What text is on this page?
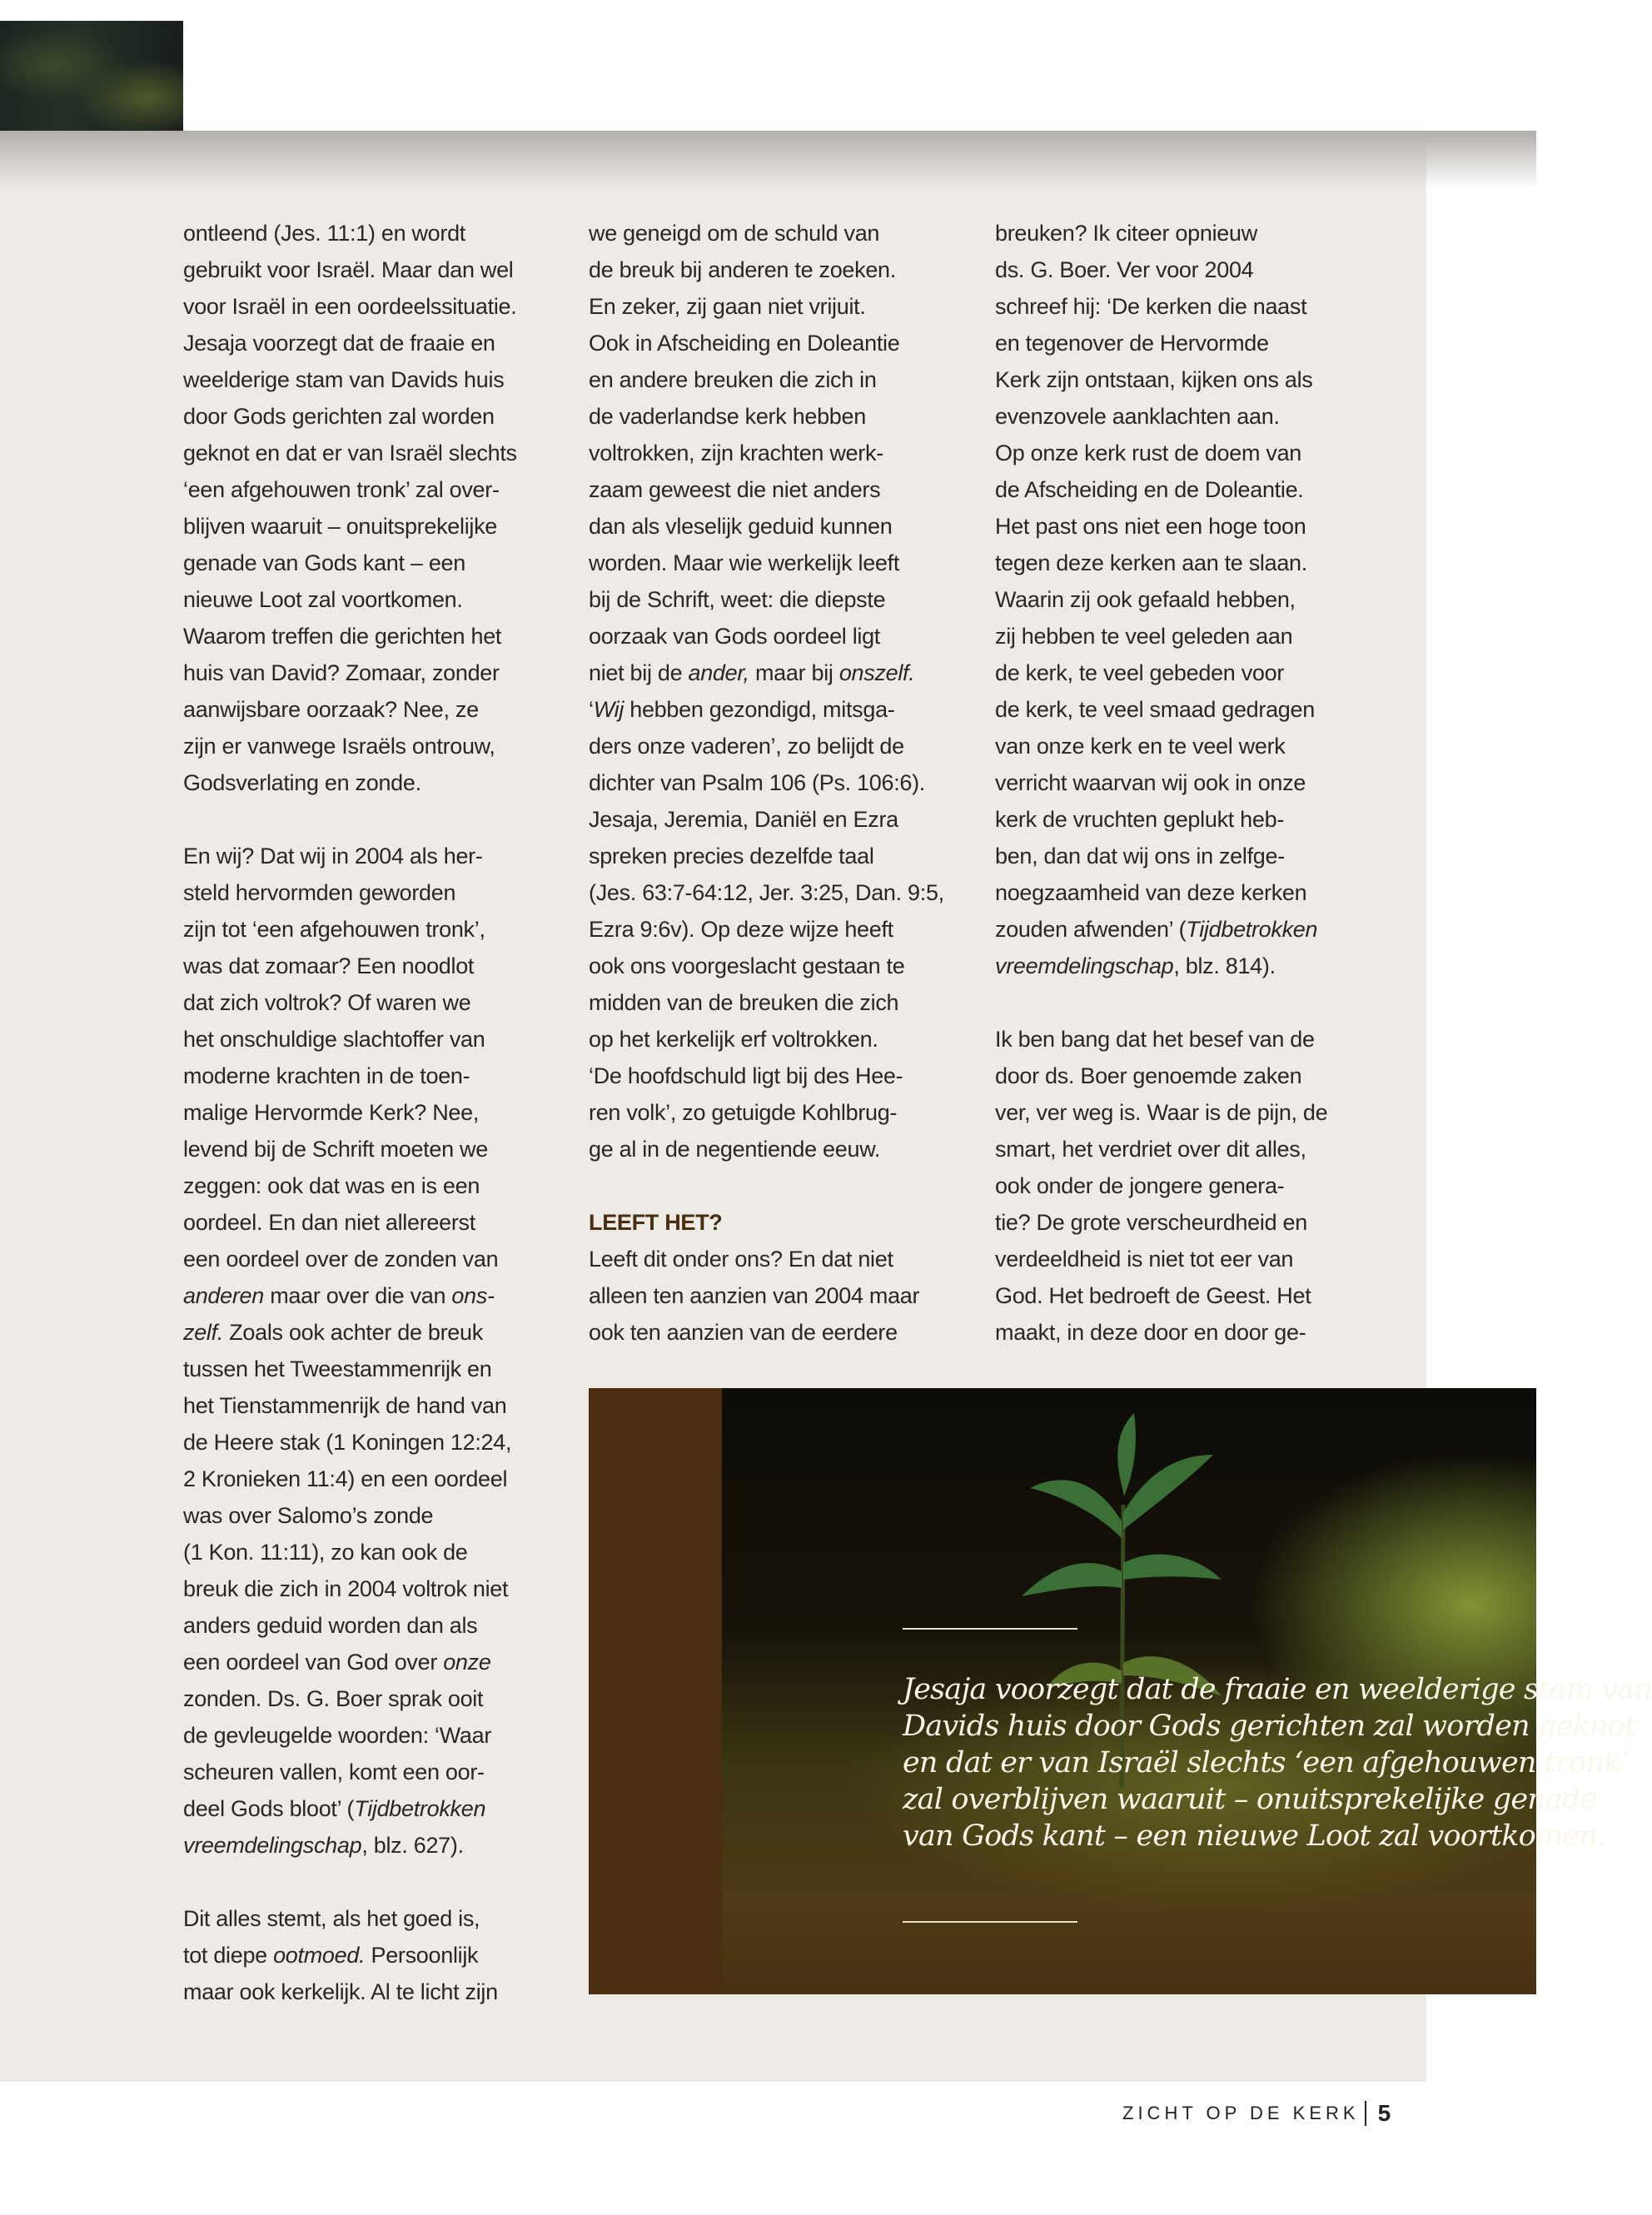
ontleend (Jes. 11:1) en wordt
gebruikt voor Israël. Maar dan wel
voor Israël in een oordeelssituatie.
Jesaja voorzegt dat de fraaie en
weelderige stam van Davids huis
door Gods gerichten zal worden
geknot en dat er van Israël slechts
‘een afgehouwen tronk’ zal over-
blijven waaruit – onuitsprekelijke
genade van Gods kant – een
nieuwe Loot zal voortkomen.
Waarom treffen die gerichten het
huis van David? Zomaar, zonder
aanwijsbare oorzaak? Nee, ze
zijn er vanwege Israëls ontrouw,
Godsverlating en zonde.
En wij? Dat wij in 2004 als her-
steld hervormden geworden
zijn tot ‘een afgehouwen tronk’,
was dat zomaar? Een noodlot
dat zich voltrok? Of waren we
het onschuldige slachtoffer van
moderne krachten in de toen-
malige Hervormde Kerk? Nee,
levend bij de Schrift moeten we
zeggen: ook dat was en is een
oordeel. En dan niet allereerst
een oordeel over de zonden van
anderen maar over die van ons-
zelf. Zoals ook achter de breuk
tussen het Tweestammenrijk en
het Tienstammenrijk de hand van
de Heere stak (1 Koningen 12:24,
2 Kronieken 11:4) en een oordeel
was over Salomo’s zonde
(1 Kon. 11:11), zo kan ook de
breuk die zich in 2004 voltrok niet
anders geduid worden dan als
een oordeel van God over onze
zonden. Ds. G. Boer sprak ooit
de gevleugelde woorden: ‘Waar
scheuren vallen, komt een oor-
deel Gods bloot’ (Tijdbetrokken
vreemdelingschap, blz. 627).
Dit alles stemt, als het goed is,
tot diepe ootmoed. Persoonlijk
maar ook kerkelijk. Al te licht zijn
we geneigd om de schuld van
de breuk bij anderen te zoeken.
En zeker, zij gaan niet vrijuit.
Ook in Afscheiding en Doleantie
en andere breuken die zich in
de vaderlandse kerk hebben
voltrokken, zijn krachten werk-
zaam geweest die niet anders
dan als vleselijk geduid kunnen
worden. Maar wie werkelijk leeft
bij de Schrift, weet: die diepste
oorzaak van Gods oordeel ligt
niet bij de ander, maar bij onszelf.
‘Wij hebben gezondigd, mitsga-
ders onze vaderen’, zo belijdt de
dichter van Psalm 106 (Ps. 106:6).
Jesaja, Jeremia, Daniël en Ezra
spreken precies dezelfde taal
(Jes. 63:7-64:12, Jer. 3:25, Dan. 9:5,
Ezra 9:6v). Op deze wijze heeft
ook ons voorgeslacht gestaan te
midden van de breuken die zich
op het kerkelijk erf voltrokken.
‘De hoofdschuld ligt bij des Hee-
ren volk’, zo getuigde Kohlbrug-
ge al in de negentiende eeuw.
LEEFT HET?
Leeft dit onder ons? En dat niet
alleen ten aanzien van 2004 maar
ook ten aanzien van de eerdere
breuken? Ik citeer opnieuw
ds. G. Boer. Ver voor 2004
schreef hij: ‘De kerken die naast
en tegenover de Hervormde
Kerk zijn ontstaan, kijken ons als
evenzovele aanklachten aan.
Op onze kerk rust de doem van
de Afscheiding en de Doleantie.
Het past ons niet een hoge toon
tegen deze kerken aan te slaan.
Waarin zij ook gefaald hebben,
zij hebben te veel geleden aan
de kerk, te veel gebeden voor
de kerk, te veel smaad gedragen
van onze kerk en te veel werk
verricht waarvan wij ook in onze
kerk de vruchten geplukt heb-
ben, dan dat wij ons in zelfge-
noegzaamheid van deze kerken
zouden afwenden’ (Tijdbetrokken
vreemdelingschap, blz. 814).
Ik ben bang dat het besef van de
door ds. Boer genoemde zaken
ver, ver weg is. Waar is de pijn, de
smart, het verdriet over dit alles,
ook onder de jongere genera-
tie? De grote verscheurdheid en
verdeeldheid is niet tot eer van
God. Het bedroeft de Geest. Het
maakt, in deze door en door ge-
Jesaja voorzegt dat de fraaie en weelderige stam van
Davids huis door Gods gerichten zal worden geknot
en dat er van Israël slechts ‘een afgehouwen tronk’
zal overblijven waaruit – onuitsprekelijke genade
van Gods kant – een nieuwe Loot zal voortkomen.
ZICHT OP DE KERK 5
